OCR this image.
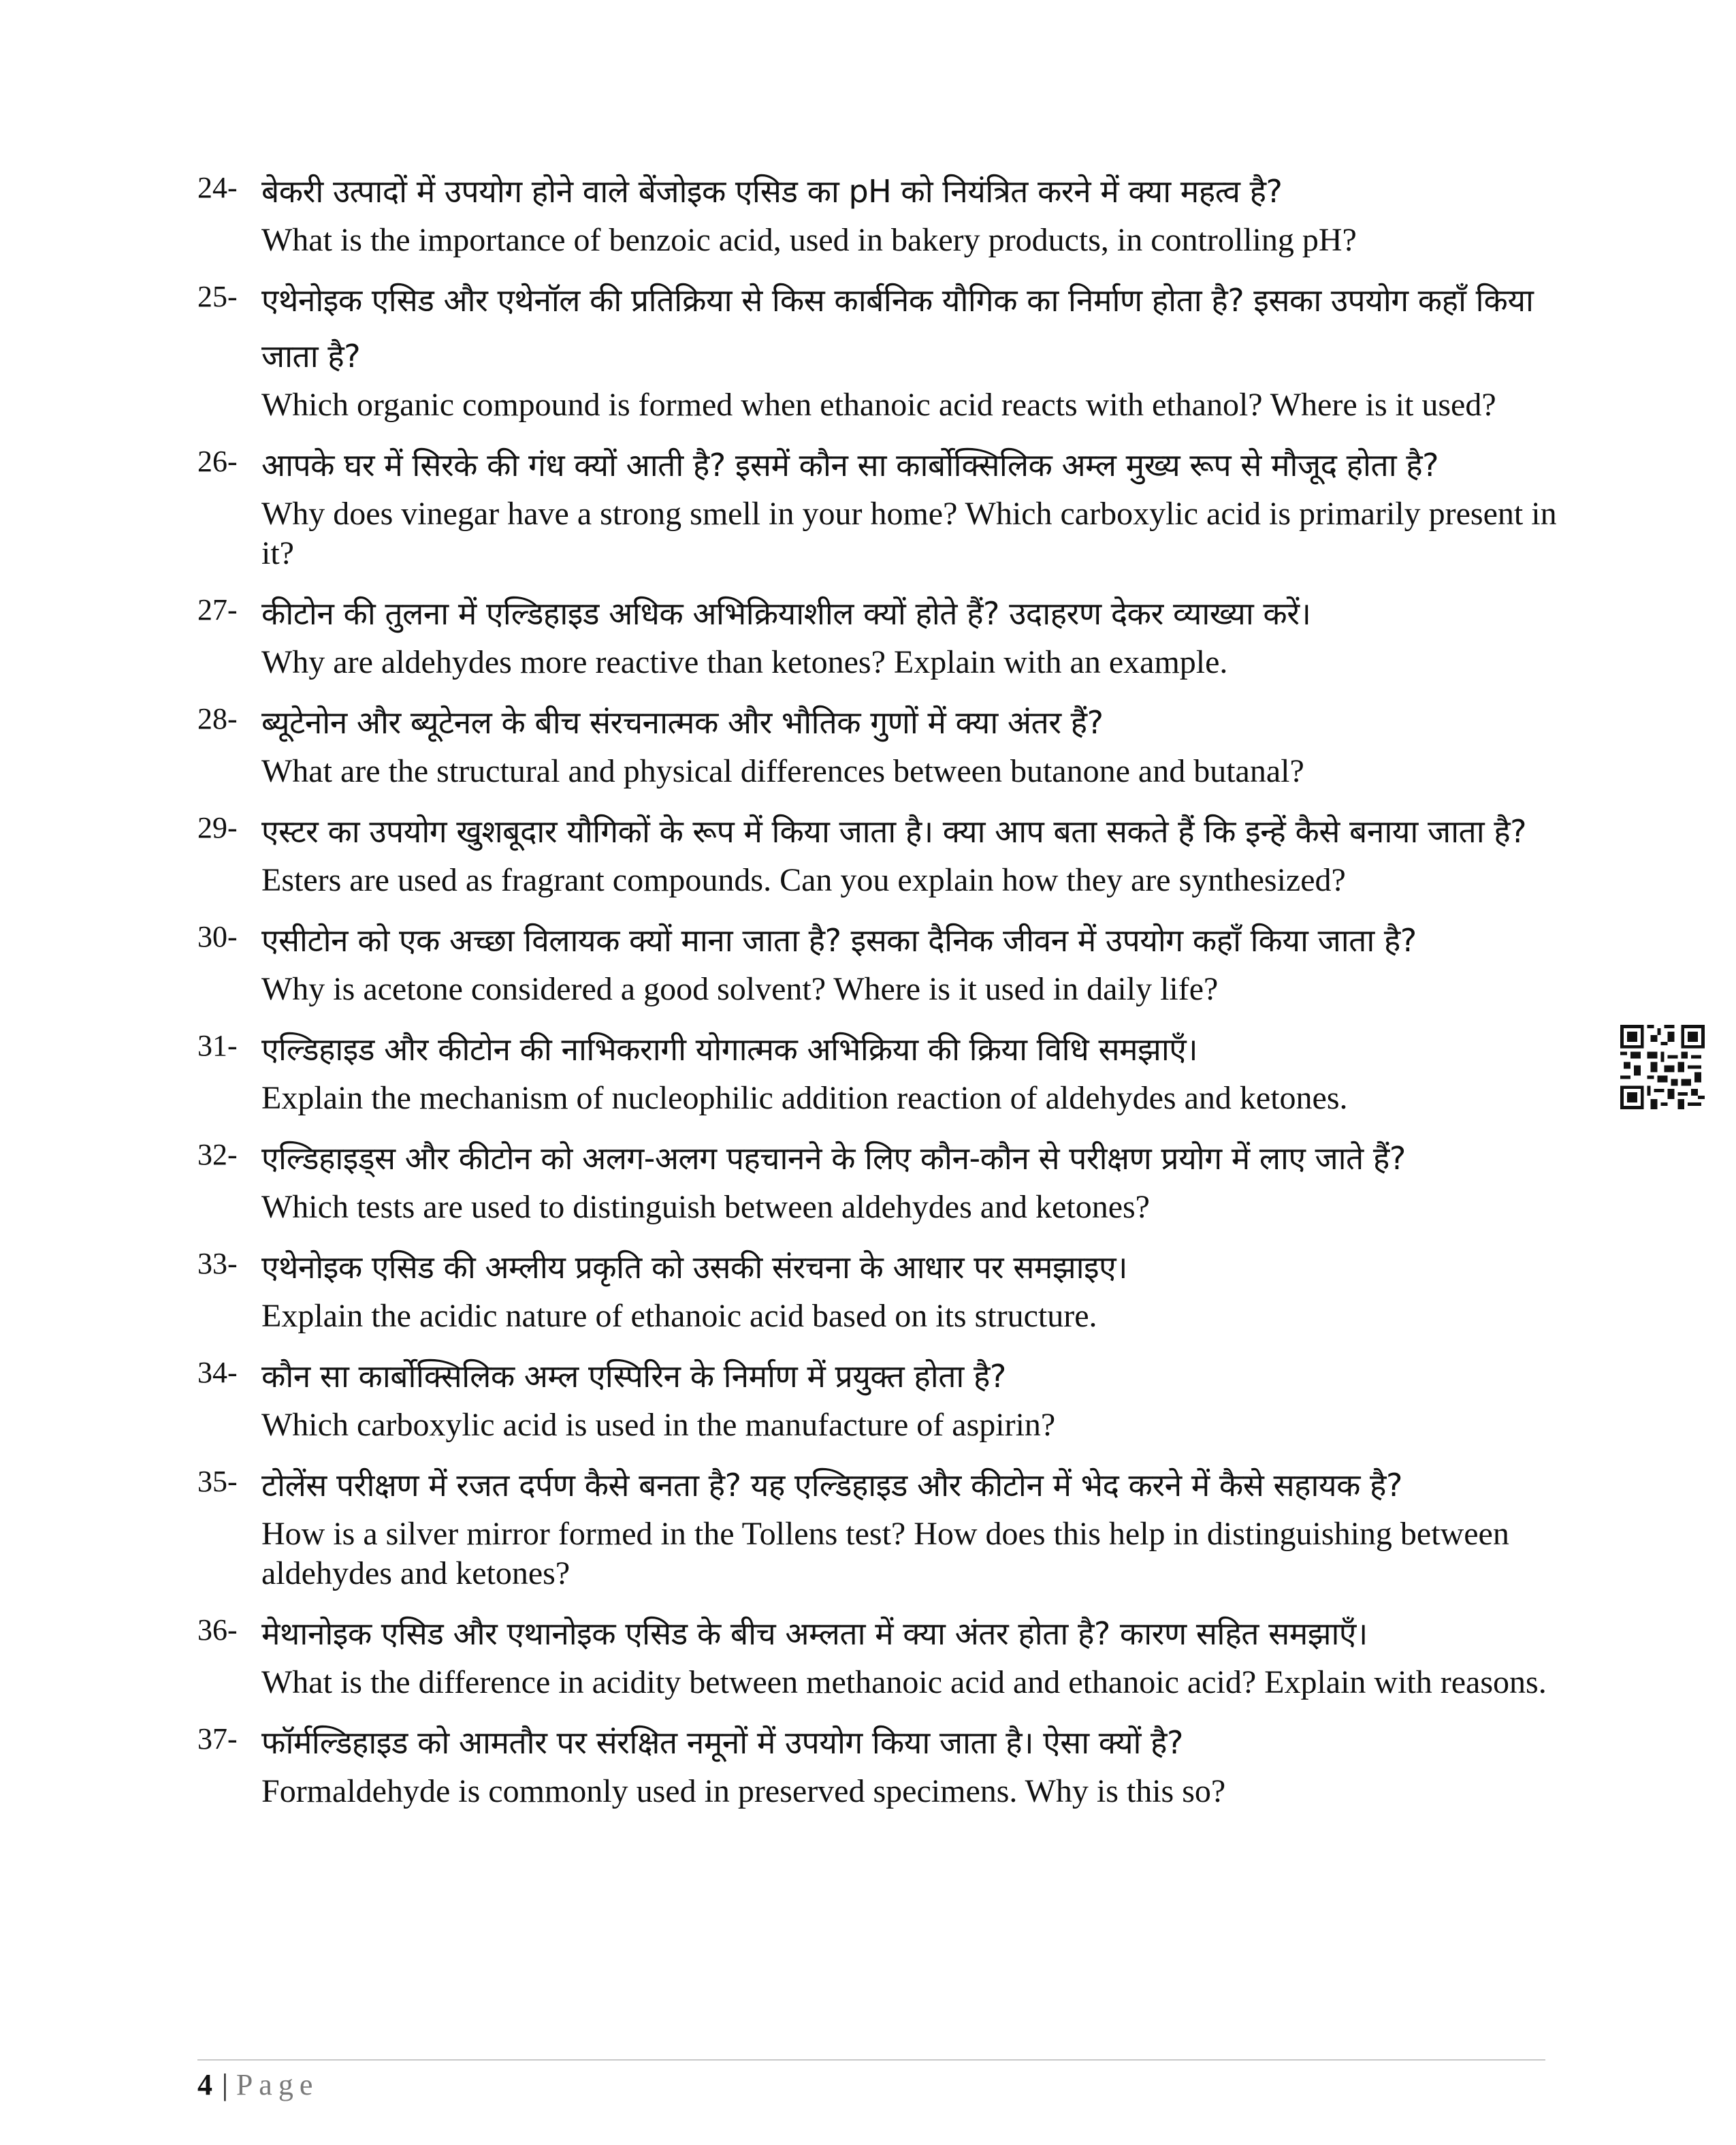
24- बेकरी उत्पादों में उपयोग होने वाले बेंजोइक एसिड का pH को नियंत्रित करने में क्या महत्व है?
What is the importance of benzoic acid, used in bakery products, in controlling pH?
25- एथेनोइक एसिड और एथेनॉल की प्रतिक्रिया से किस कार्बनिक यौगिक का निर्माण होता है? इसका उपयोग कहाँ किया जाता है?
Which organic compound is formed when ethanoic acid reacts with ethanol? Where is it used?
26- आपके घर में सिरके की गंध क्यों आती है? इसमें कौन सा कार्बोक्सिलिक अम्ल मुख्य रूप से मौजूद होता है?
Why does vinegar have a strong smell in your home? Which carboxylic acid is primarily present in it?
27- कीटोन की तुलना में एल्डिहाइड अधिक अभिक्रियाशील क्यों होते हैं? उदाहरण देकर व्याख्या करें।
Why are aldehydes more reactive than ketones? Explain with an example.
28- ब्यूटेनोन और ब्यूटेनल के बीच संरचनात्मक और भौतिक गुणों में क्या अंतर हैं?
What are the structural and physical differences between butanone and butanal?
29- एस्टर का उपयोग खुशबूदार यौगिकों के रूप में किया जाता है। क्या आप बता सकते हैं कि इन्हें कैसे बनाया जाता है?
Esters are used as fragrant compounds. Can you explain how they are synthesized?
30- एसीटोन को एक अच्छा विलायक क्यों माना जाता है? इसका दैनिक जीवन में उपयोग कहाँ किया जाता है?
Why is acetone considered a good solvent? Where is it used in daily life?
31- एल्डिहाइड और कीटोन की नाभिकरागी योगात्मक अभिक्रिया की क्रिया विधि समझाएँ।
Explain the mechanism of nucleophilic addition reaction of aldehydes and ketones.
32- एल्डिहाइड्स और कीटोन को अलग-अलग पहचानने के लिए कौन-कौन से परीक्षण प्रयोग में लाए जाते हैं?
Which tests are used to distinguish between aldehydes and ketones?
33- एथेनोइक एसिड की अम्लीय प्रकृति को उसकी संरचना के आधार पर समझाइए।
Explain the acidic nature of ethanoic acid based on its structure.
34- कौन सा कार्बोक्सिलिक अम्ल एस्पिरिन के निर्माण में प्रयुक्त होता है?
Which carboxylic acid is used in the manufacture of aspirin?
35- टोलेंस परीक्षण में रजत दर्पण कैसे बनता है? यह एल्डिहाइड और कीटोन में भेद करने में कैसे सहायक है?
How is a silver mirror formed in the Tollens test? How does this help in distinguishing between aldehydes and ketones?
36- मेथानोइक एसिड और एथानोइक एसिड के बीच अम्लता में क्या अंतर होता है? कारण सहित समझाएँ।
What is the difference in acidity between methanoic acid and ethanoic acid? Explain with reasons.
37- फॉर्मल्डिहाइड को आमतौर पर संरक्षित नमूनों में उपयोग किया जाता है। ऐसा क्यों है?
Formaldehyde is commonly used in preserved specimens. Why is this so?
4 | Page
